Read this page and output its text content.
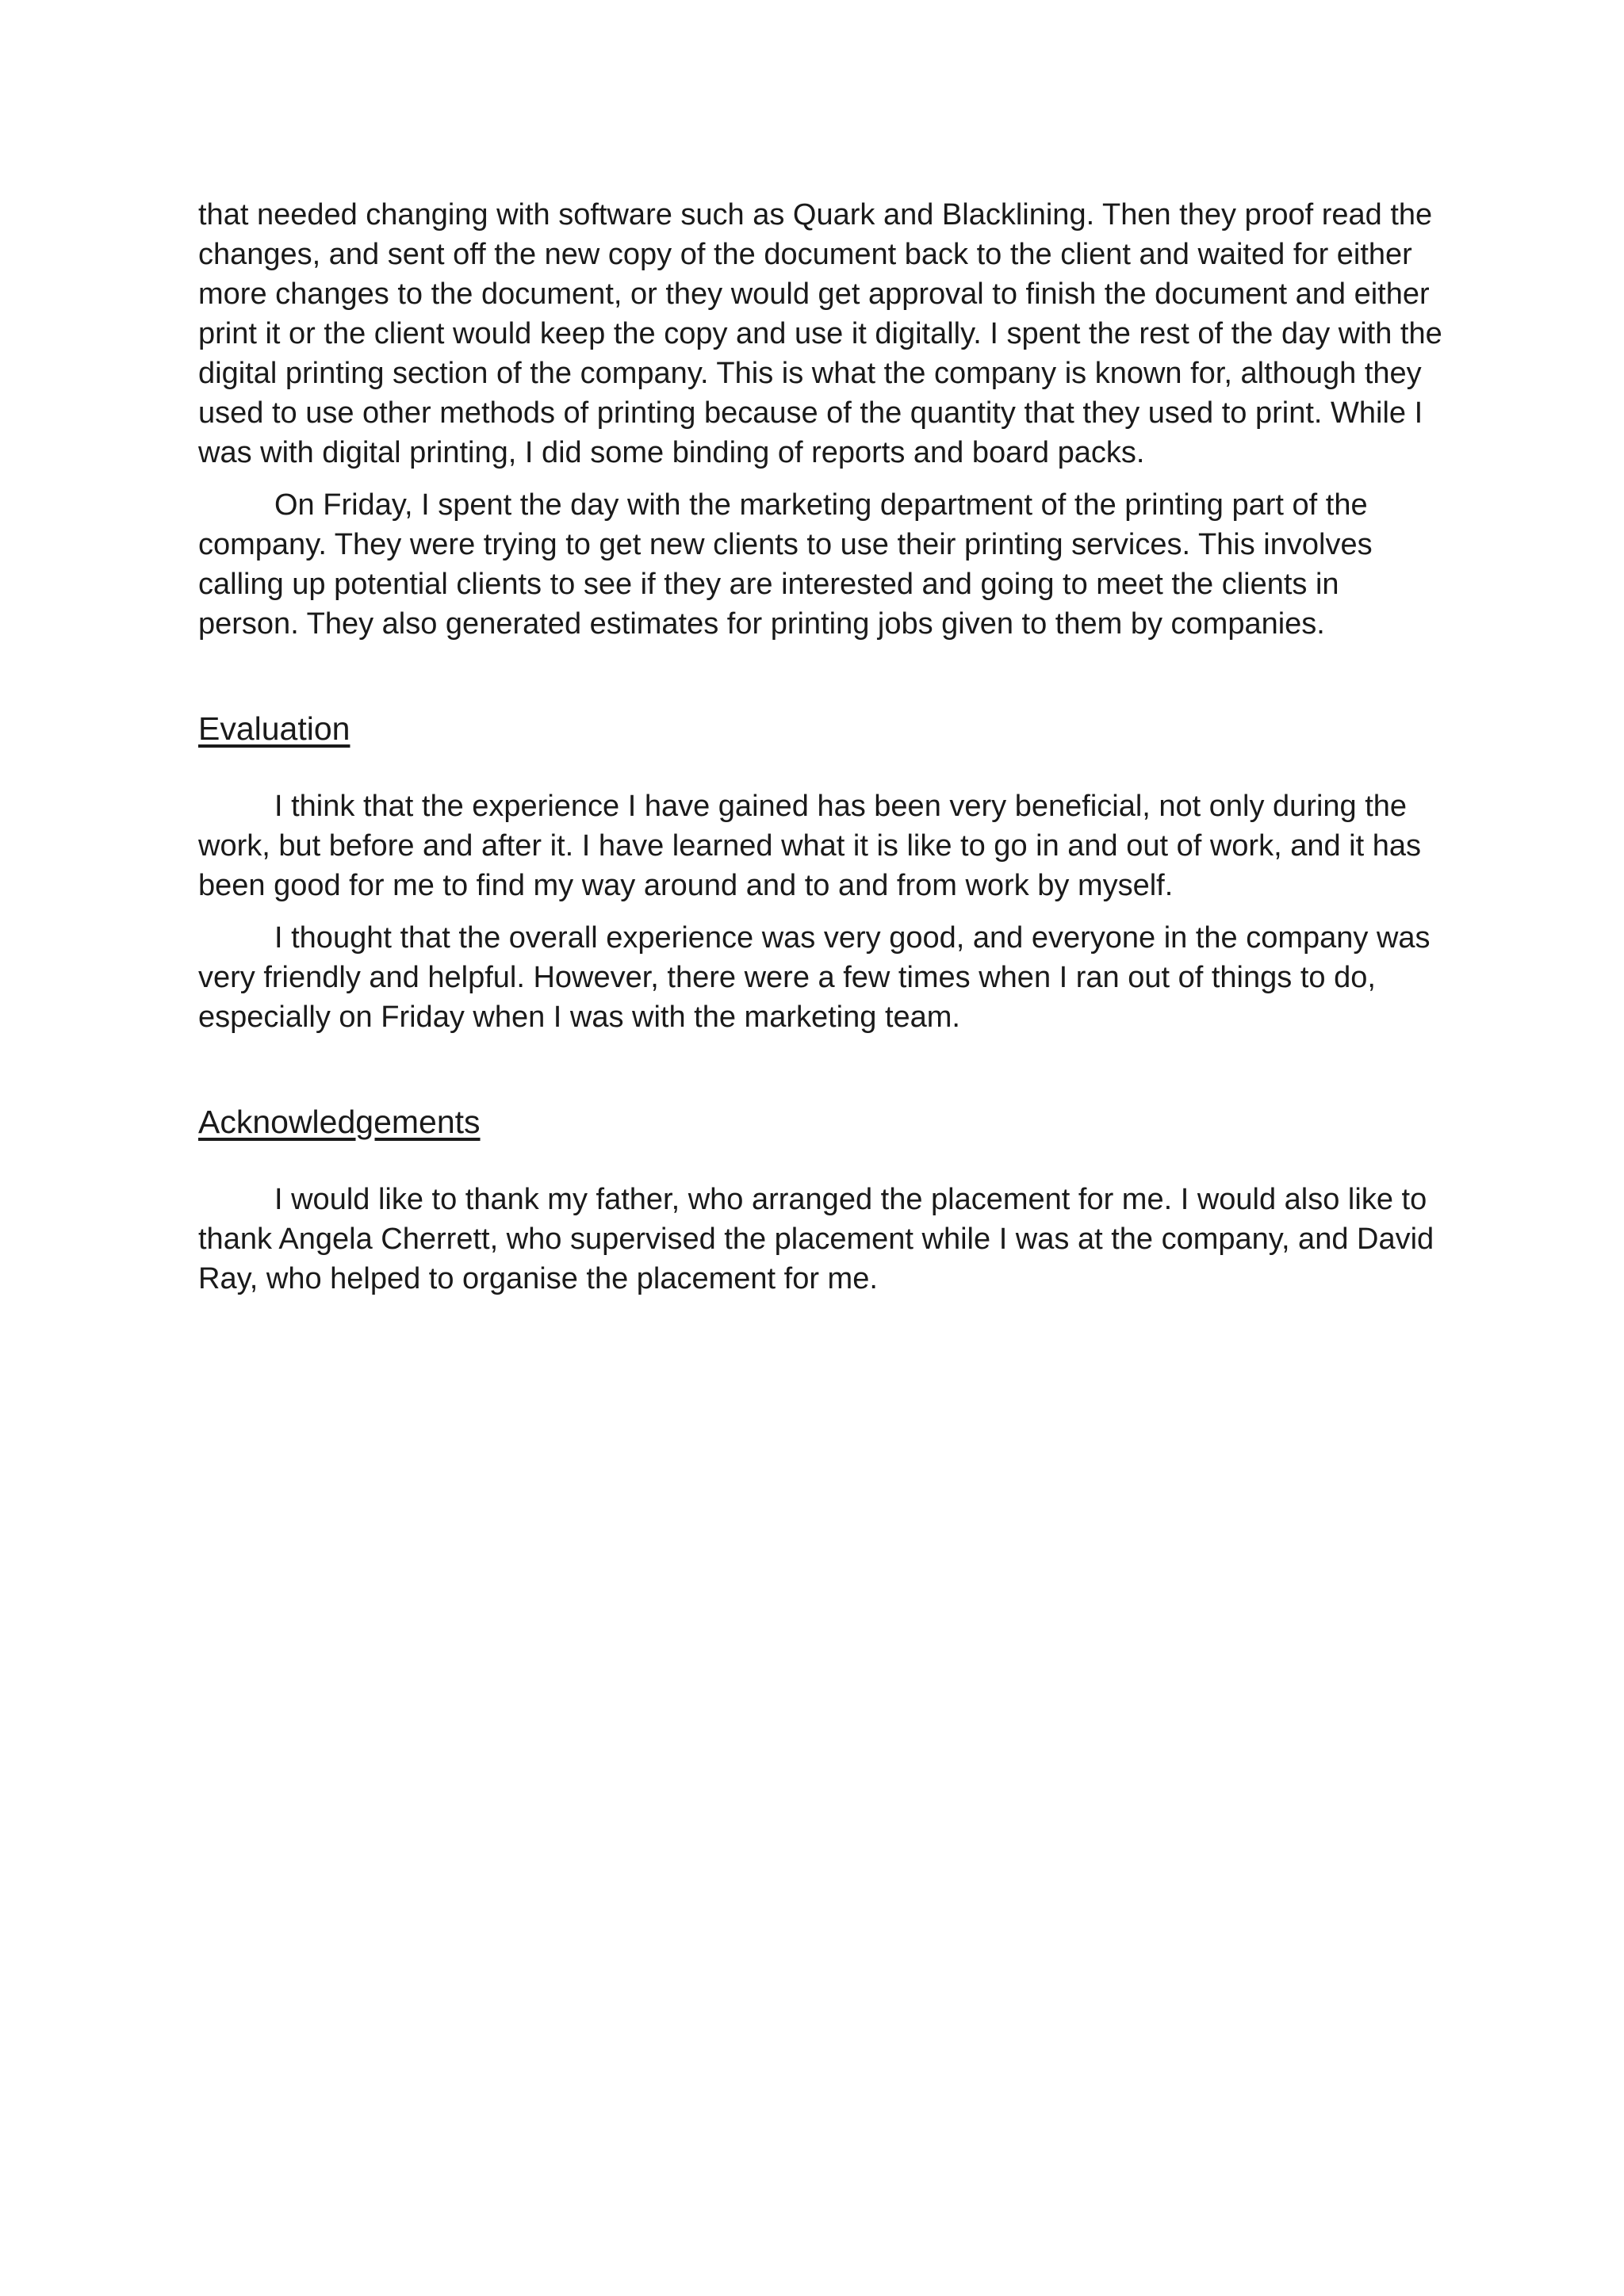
that needed changing with software such as Quark and Blacklining. Then they proof read the changes, and sent off the new copy of the document back to the client and waited for either more changes to the document, or they would get approval to finish the document and either print it or the client would keep the copy and use it digitally. I spent the rest of the day with the digital printing section of the company. This is what the company is known for, although they used to use other methods of printing because of the quantity that they used to print. While I was with digital printing, I did some binding of reports and board packs.

On Friday, I spent the day with the marketing department of the printing part of the company. They were trying to get new clients to use their printing services. This involves calling up potential clients to see if they are interested and going to meet the clients in person. They also generated estimates for printing jobs given to them by companies.

Evaluation

I think that the experience I have gained has been very beneficial, not only during the work, but before and after it. I have learned what it is like to go in and out of work, and it has been good for me to find my way around and to and from work by myself.

I thought that the overall experience was very good, and everyone in the company was very friendly and helpful. However, there were a few times when I ran out of things to do, especially on Friday when I was with the marketing team.

Acknowledgements

I would like to thank my father, who arranged the placement for me. I would also like to thank Angela Cherrett, who supervised the placement while I was at the company, and David Ray, who helped to organise the placement for me.
